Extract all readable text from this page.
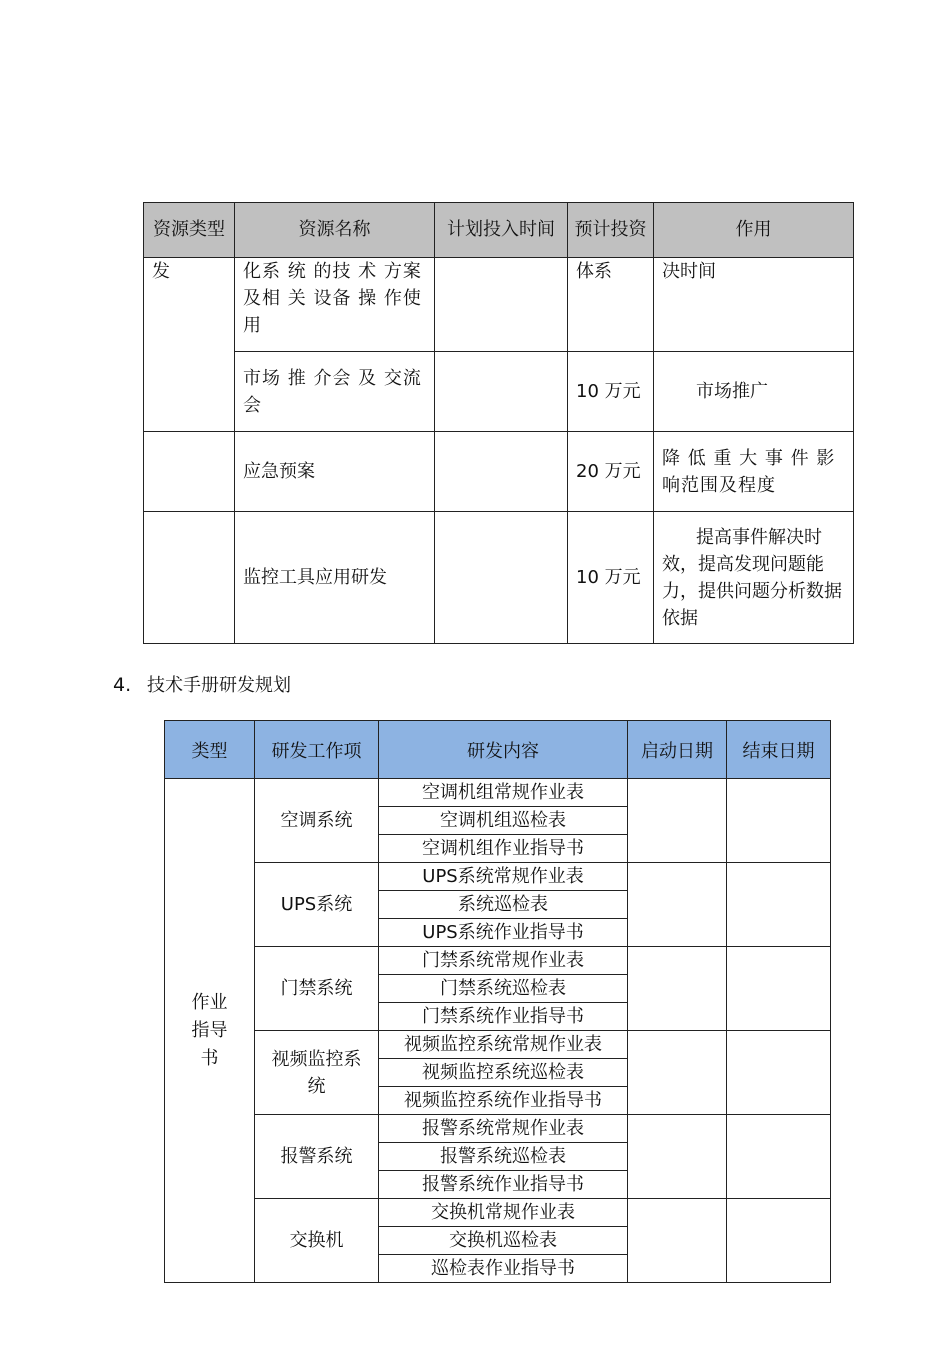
资源类型	资源名称	计划投入时间	预计投资	作用
发	化系 统 的技 术 方案及相 关 设备 操 作使用		体系	决时间
	市场 推 介会 及 交流会		10 万元	市场推广
	应急预案		20 万元	降 低 重 大 事 件 影 响范围及程度
	监控工具应用研发		10 万元	提高事件解决时效，提高发现问题能力，提供问题分析数据依据
4. 技术手册研发规划
类型	研发工作项	研发内容	启动日期	结束日期
作业指导书	空调系统	空调机组常规作业表		
		空调机组巡检表		
		空调机组作业指导书		
	UPS系统	UPS系统常规作业表		
		系统巡检表		
		UPS系统作业指导书		
	门禁系统	门禁系统常规作业表		
		门禁系统巡检表		
		门禁系统作业指导书		
	视频监控系统	视频监控系统常规作业表		
		视频监控系统巡检表		
		视频监控系统作业指导书		
	报警系统	报警系统常规作业表		
		报警系统巡检表		
		报警系统作业指导书		
	交换机	交换机常规作业表		
		交换机巡检表		
		巡检表作业指导书		
